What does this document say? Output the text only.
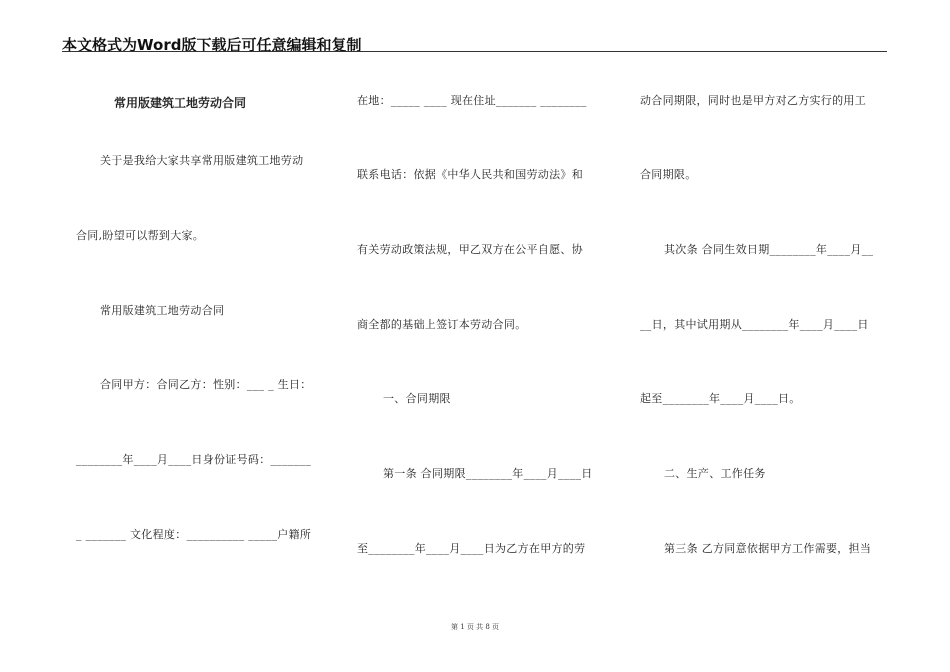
本文格式为Word版下载后可任意编辑和复制
常用版建筑工地劳动合同
关于是我给大家共享常用版建筑工地劳动
合同,盼望可以帮到大家。
常用版建筑工地劳动合同
合同甲方：合同乙方：性别：___ _ 生日：
________年____月____日身份证号码：_______
_ _______ 文化程度：__________ _____户籍所
在地：_____ ____ 现在住址_______ ________
联系电话：依据《中华人民共和国劳动法》和
有关劳动政策法规，甲乙双方在公平自愿、协
商全都的基础上签订本劳动合同。
一、合同期限
第一条 合同期限________年____月____日
至________年____月____日为乙方在甲方的劳
动合同期限，同时也是甲方对乙方实行的用工
合同期限。
其次条 合同生效日期________年____月__
__日，其中试用期从________年____月____日
起至________年____月____日。
二、生产、工作任务
第三条 乙方同意依据甲方工作需要，担当
第 1 页 共 8 页
